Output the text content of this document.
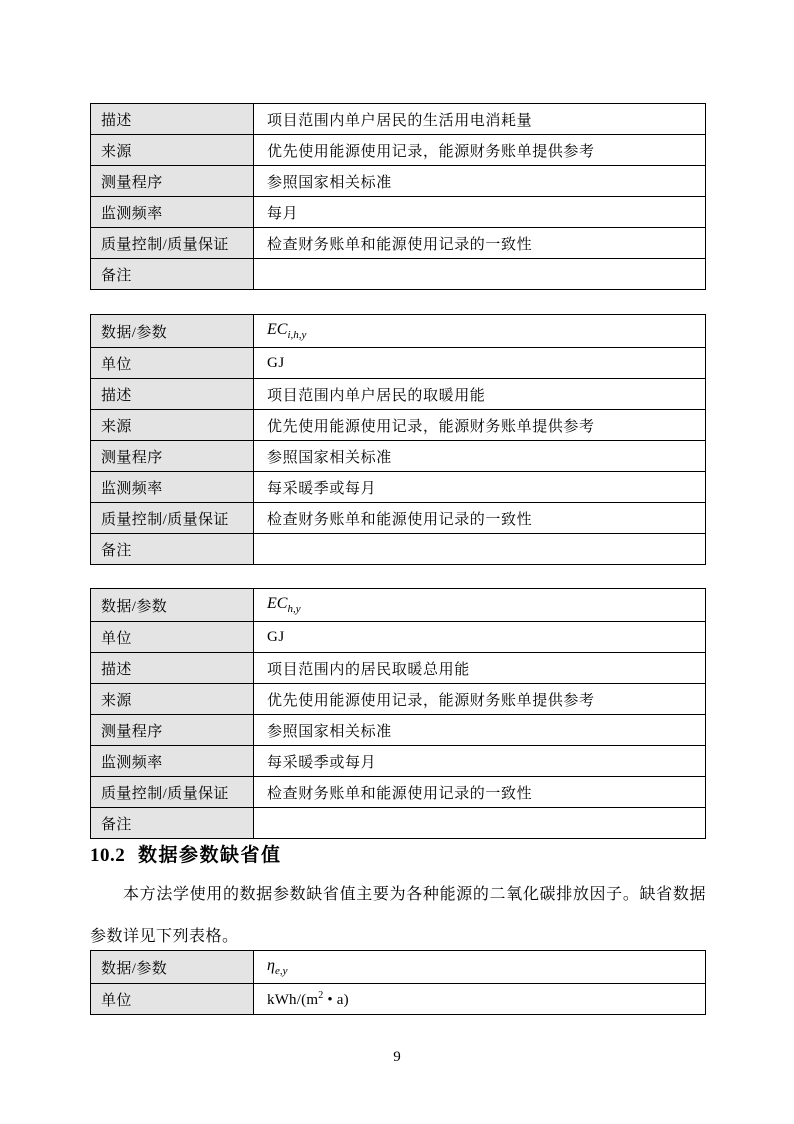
描述	项目范围内单户居民的生活用电消耗量
来源	优先使用能源使用记录，能源财务账单提供参考
测量程序	参照国家相关标准
监测频率	每月
质量控制/质量保证	检查财务账单和能源使用记录的一致性
备注	
数据/参数	$EC_{i,h,y}$
单位	GJ
描述	项目范围内单户居民的取暖用能
来源	优先使用能源使用记录，能源财务账单提供参考
测量程序	参照国家相关标准
监测频率	每采暖季或每月
质量控制/质量保证	检查财务账单和能源使用记录的一致性
备注	
数据/参数	$EC_{h,y}$
单位	GJ
描述	项目范围内的居民取暖总用能
来源	优先使用能源使用记录，能源财务账单提供参考
测量程序	参照国家相关标准
监测频率	每采暖季或每月
质量控制/质量保证	检查财务账单和能源使用记录的一致性
备注	
10.2 数据参数缺省值

本方法学使用的数据参数缺省值主要为各种能源的二氧化碳排放因子。缺省数据参数详见下列表格。

数据/参数	$\eta_{e,y}$
单位	kWh/($m^2$ • a)
9
